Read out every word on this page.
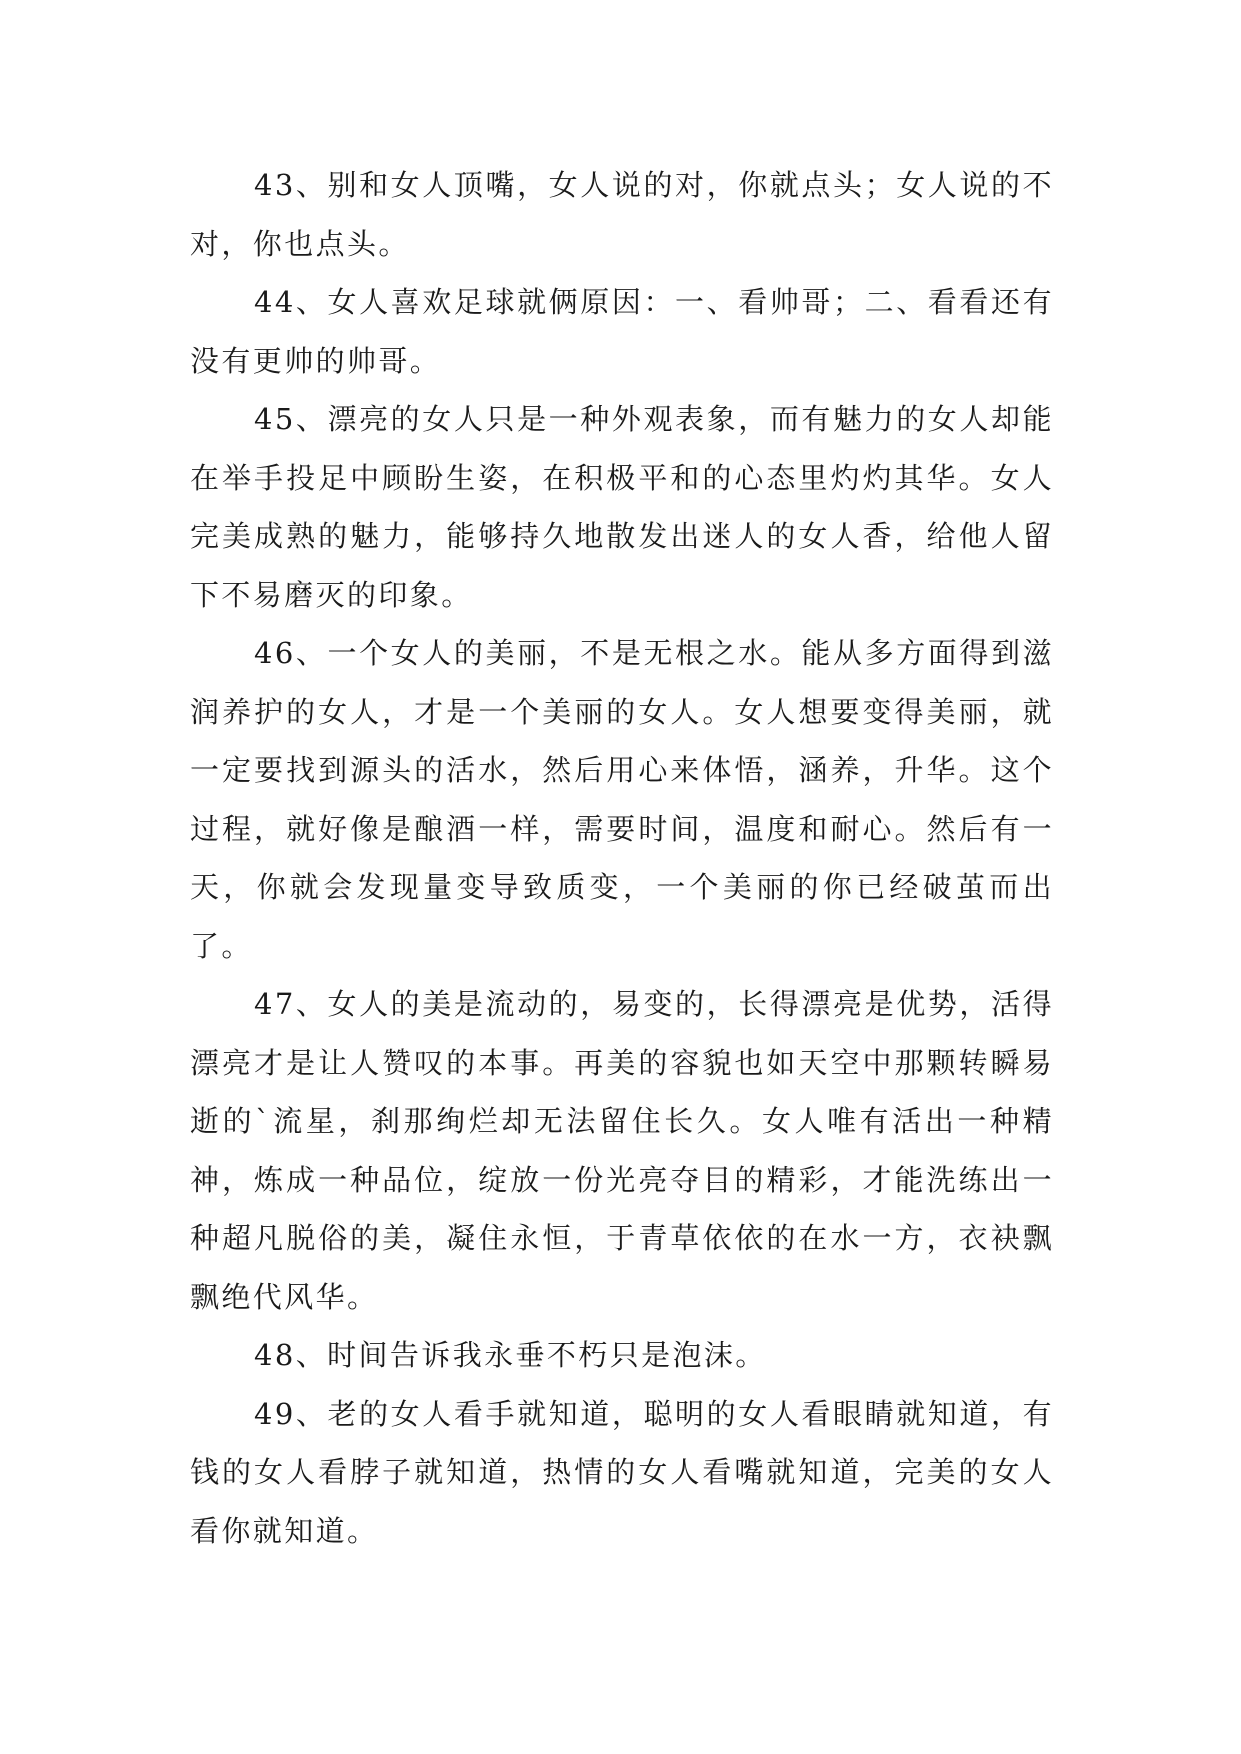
43、别和女人顶嘴，女人说的对，你就点头；女人说的不对，你也点头。

44、女人喜欢足球就俩原因：一、看帅哥；二、看看还有没有更帅的帅哥。

45、漂亮的女人只是一种外观表象，而有魅力的女人却能在举手投足中顾盼生姿，在积极平和的心态里灼灼其华。女人完美成熟的魅力，能够持久地散发出迷人的女人香，给他人留下不易磨灭的印象。

46、一个女人的美丽，不是无根之水。能从多方面得到滋润养护的女人，才是一个美丽的女人。女人想要变得美丽，就一定要找到源头的活水，然后用心来体悟，涵养，升华。这个过程，就好像是酿酒一样，需要时间，温度和耐心。然后有一天，你就会发现量变导致质变，一个美丽的你已经破茧而出了。

47、女人的美是流动的，易变的，长得漂亮是优势，活得漂亮才是让人赞叹的本事。再美的容貌也如天空中那颗转瞬易逝的`流星，刹那绚烂却无法留住长久。女人唯有活出一种精神，炼成一种品位，绽放一份光亮夺目的精彩，才能洗练出一种超凡脱俗的美，凝住永恒，于青草依依的在水一方，衣袂飘飘绝代风华。

48、时间告诉我永垂不朽只是泡沫。

49、老的女人看手就知道，聪明的女人看眼睛就知道，有钱的女人看脖子就知道，热情的女人看嘴就知道，完美的女人看你就知道。
